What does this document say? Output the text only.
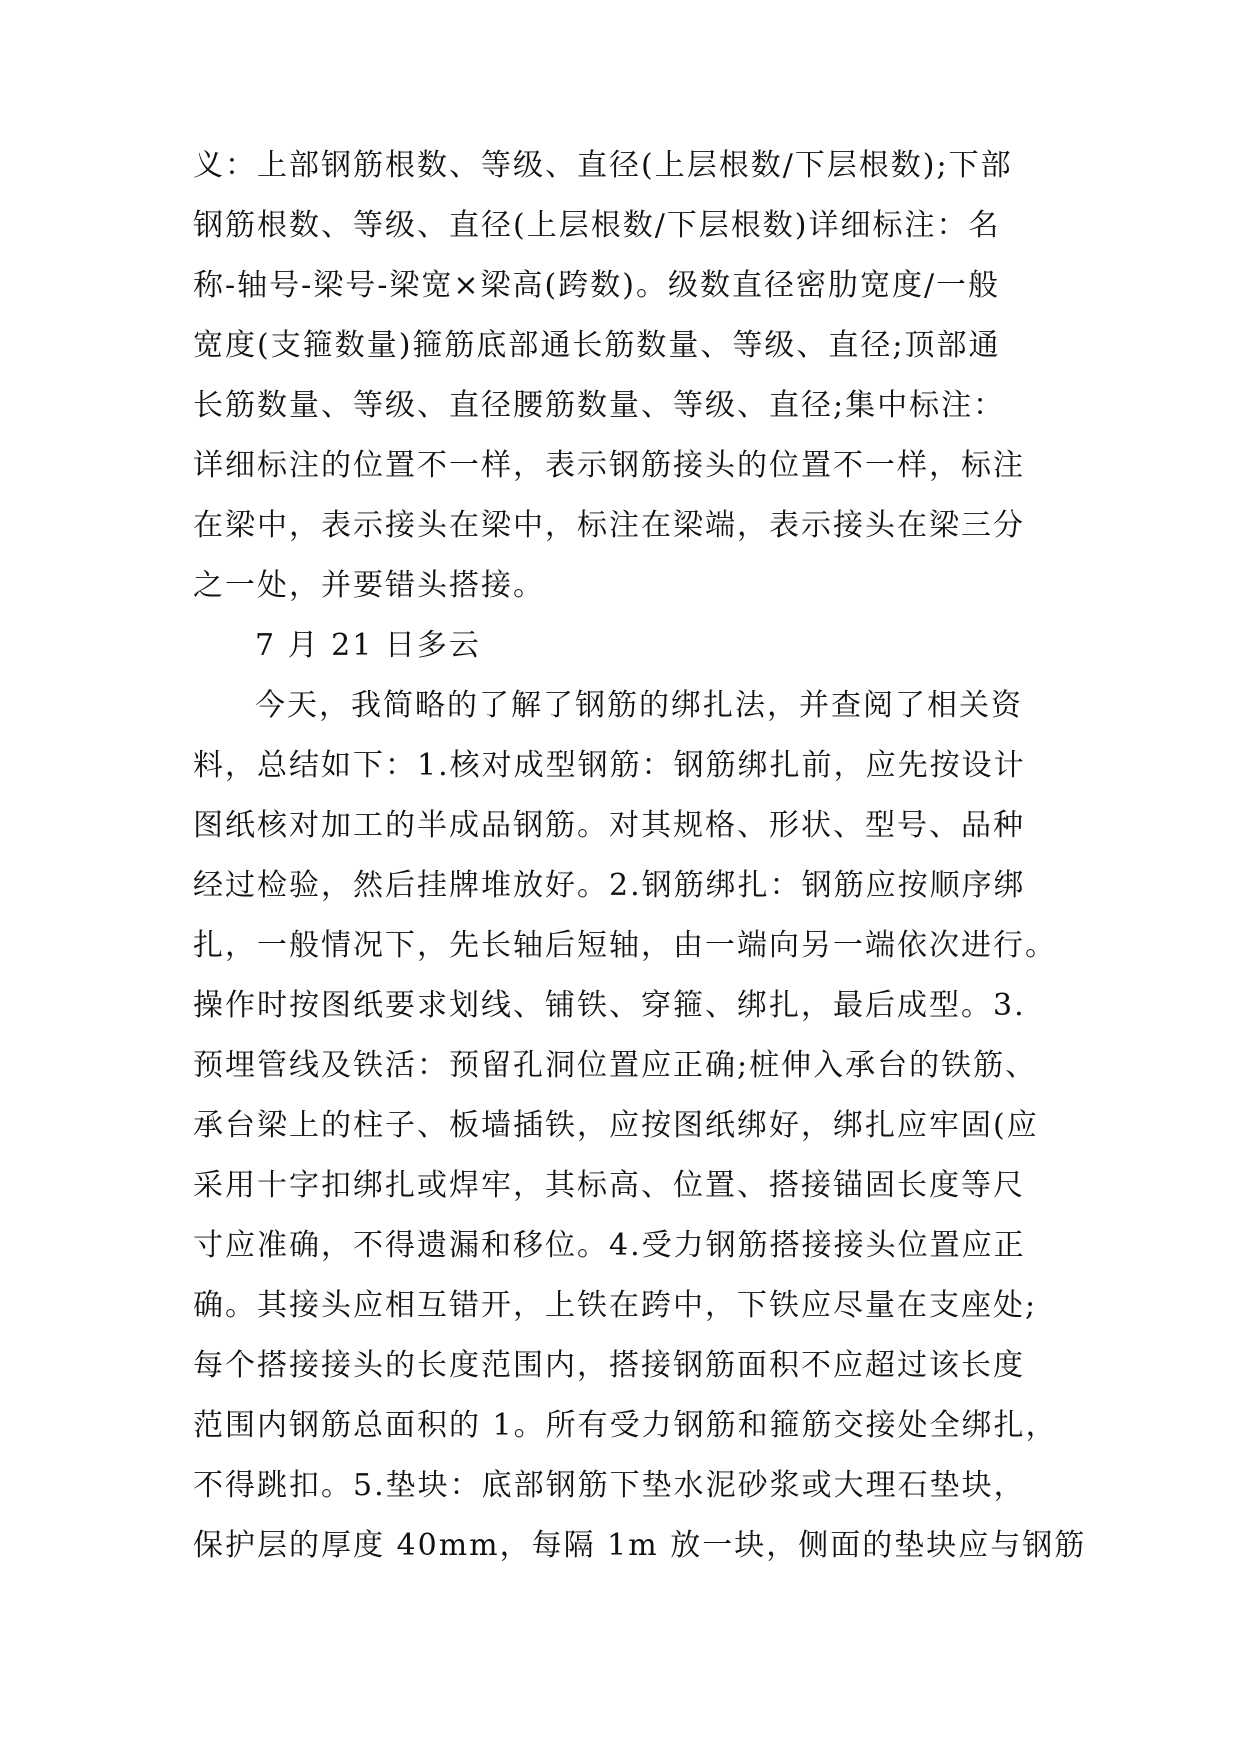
义：上部钢筋根数、等级、直径(上层根数/下层根数);下部
钢筋根数、等级、直径(上层根数/下层根数)详细标注：名
称-轴号-梁号-梁宽×梁高(跨数)。级数直径密肋宽度/一般
宽度(支箍数量)箍筋底部通长筋数量、等级、直径;顶部通
长筋数量、等级、直径腰筋数量、等级、直径;集中标注：
详细标注的位置不一样，表示钢筋接头的位置不一样，标注
在梁中，表示接头在梁中，标注在梁端，表示接头在梁三分
之一处，并要错头搭接。
7 月 21 日多云
今天，我简略的了解了钢筋的绑扎法，并查阅了相关资
料，总结如下：1.核对成型钢筋：钢筋绑扎前，应先按设计
图纸核对加工的半成品钢筋。对其规格、形状、型号、品种
经过检验，然后挂牌堆放好。2.钢筋绑扎：钢筋应按顺序绑
扎，一般情况下，先长轴后短轴，由一端向另一端依次进行。
操作时按图纸要求划线、铺铁、穿箍、绑扎，最后成型。3.
预埋管线及铁活：预留孔洞位置应正确;桩伸入承台的铁筋、
承台梁上的柱子、板墙插铁，应按图纸绑好，绑扎应牢固(应
采用十字扣绑扎或焊牢，其标高、位置、搭接锚固长度等尺
寸应准确，不得遗漏和移位。4.受力钢筋搭接接头位置应正
确。其接头应相互错开，上铁在跨中，下铁应尽量在支座处;
每个搭接接头的长度范围内，搭接钢筋面积不应超过该长度
范围内钢筋总面积的 1。所有受力钢筋和箍筋交接处全绑扎，
不得跳扣。5.垫块：底部钢筋下垫水泥砂浆或大理石垫块，
保护层的厚度 40mm，每隔 1m 放一块，侧面的垫块应与钢筋
